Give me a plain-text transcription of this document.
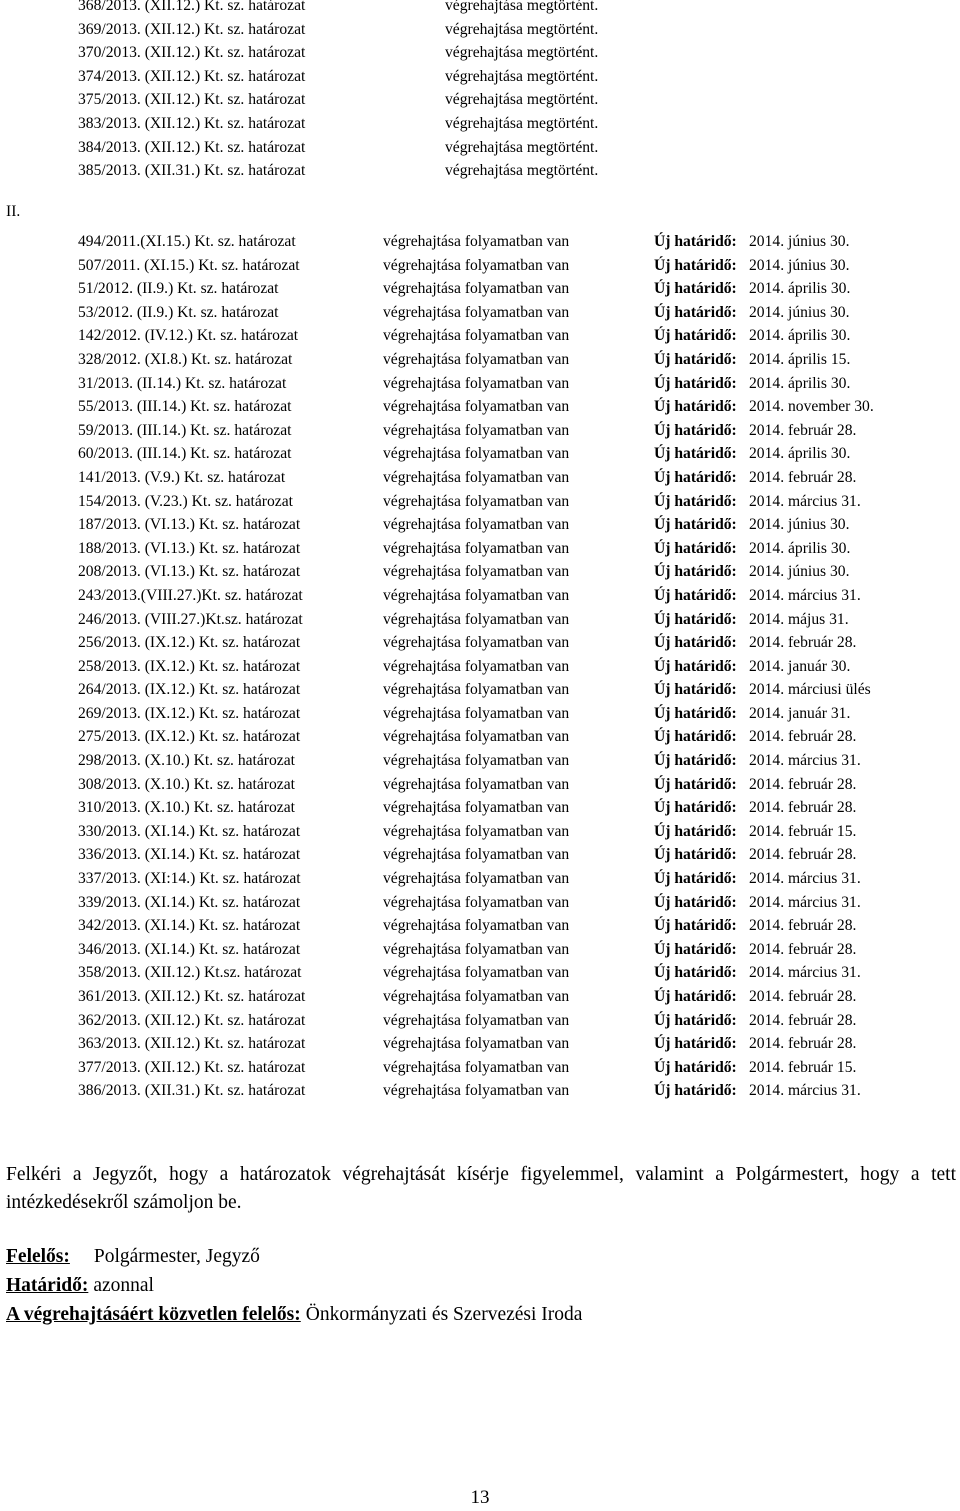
368/2013. (XII.12.) Kt. sz. határozat	végrehajtása megtörtént.
369/2013. (XII.12.) Kt. sz. határozat	végrehajtása megtörtént.
370/2013. (XII.12.) Kt. sz. határozat	végrehajtása megtörtént.
374/2013. (XII.12.) Kt. sz. határozat	végrehajtása megtörtént.
375/2013. (XII.12.) Kt. sz. határozat	végrehajtása megtörtént.
383/2013. (XII.12.) Kt. sz. határozat	végrehajtása megtörtént.
384/2013. (XII.12.) Kt. sz. határozat	végrehajtása megtörtént.
385/2013. (XII.31.) Kt. sz. határozat	végrehajtása megtörtént.
II.
494/2011.(XI.15.) Kt. sz. határozat	végrehajtása folyamatban van	Új határidő: 2014. június 30.
507/2011. (XI.15.) Kt. sz. határozat	végrehajtása folyamatban van	Új határidő: 2014. június 30.
51/2012. (II.9.) Kt. sz. határozat	végrehajtása folyamatban van	Új határidő: 2014. április 30.
53/2012. (II.9.) Kt. sz. határozat	végrehajtása folyamatban van	Új határidő: 2014. június 30.
142/2012. (IV.12.) Kt. sz. határozat	végrehajtása folyamatban van	Új határidő: 2014. április 30.
328/2012. (XI.8.) Kt. sz. határozat	végrehajtása folyamatban van	Új határidő: 2014. április 15.
31/2013. (II.14.) Kt. sz. határozat	végrehajtása folyamatban van	Új határidő: 2014. április 30.
55/2013. (III.14.) Kt. sz. határozat	végrehajtása folyamatban van	Új határidő: 2014. november 30.
59/2013. (III.14.) Kt. sz. határozat	végrehajtása folyamatban van	Új határidő: 2014. február 28.
60/2013. (III.14.) Kt. sz. határozat	végrehajtása folyamatban van	Új határidő: 2014. április 30.
141/2013. (V.9.) Kt. sz. határozat	végrehajtása folyamatban van	Új határidő: 2014. február 28.
154/2013. (V.23.) Kt. sz. határozat	végrehajtása folyamatban van	Új határidő: 2014. március 31.
187/2013. (VI.13.) Kt. sz. határozat	végrehajtása folyamatban van	Új határidő: 2014. június 30.
188/2013. (VI.13.) Kt. sz. határozat	végrehajtása folyamatban van	Új határidő: 2014. április 30.
208/2013. (VI.13.) Kt. sz. határozat	végrehajtása folyamatban van	Új határidő: 2014. június 30.
243/2013.(VIII.27.)Kt. sz. határozat	végrehajtása folyamatban van	Új határidő: 2014. március 31.
246/2013. (VIII.27.)Kt.sz. határozat	végrehajtása folyamatban van	Új határidő: 2014. május 31.
256/2013. (IX.12.) Kt. sz. határozat	végrehajtása folyamatban van	Új határidő: 2014. február 28.
258/2013. (IX.12.) Kt. sz. határozat	végrehajtása folyamatban van	Új határidő: 2014. január 30.
264/2013. (IX.12.) Kt. sz. határozat	végrehajtása folyamatban van	Új határidő: 2014. márciusi ülés
269/2013. (IX.12.) Kt. sz. határozat	végrehajtása folyamatban van	Új határidő: 2014. január 31.
275/2013. (IX.12.) Kt. sz. határozat	végrehajtása folyamatban van	Új határidő: 2014. február 28.
298/2013. (X.10.) Kt. sz. határozat	végrehajtása folyamatban van	Új határidő: 2014. március 31.
308/2013. (X.10.) Kt. sz. határozat	végrehajtása folyamatban van	Új határidő: 2014. február 28.
310/2013. (X.10.) Kt. sz. határozat	végrehajtása folyamatban van	Új határidő: 2014. február 28.
330/2013. (XI.14.) Kt. sz. határozat	végrehajtása folyamatban van	Új határidő: 2014. február 15.
336/2013. (XI.14.) Kt. sz. határozat	végrehajtása folyamatban van	Új határidő: 2014. február 28.
337/2013. (XI:14.) Kt. sz. határozat	végrehajtása folyamatban van	Új határidő: 2014. március 31.
339/2013. (XI.14.) Kt. sz. határozat	végrehajtása folyamatban van	Új határidő: 2014. március 31.
342/2013. (XI.14.) Kt. sz. határozat	végrehajtása folyamatban van	Új határidő: 2014. február 28.
346/2013. (XI.14.) Kt. sz. határozat	végrehajtása folyamatban van	Új határidő: 2014. február 28.
358/2013. (XII.12.) Kt.sz. határozat	végrehajtása folyamatban van	Új határidő: 2014. március 31.
361/2013. (XII.12.) Kt. sz. határozat	végrehajtása folyamatban van	Új határidő: 2014. február 28.
362/2013. (XII.12.) Kt. sz. határozat	végrehajtása folyamatban van	Új határidő: 2014. február 28.
363/2013. (XII.12.) Kt. sz. határozat	végrehajtása folyamatban van	Új határidő: 2014. február 28.
377/2013. (XII.12.) Kt. sz. határozat	végrehajtása folyamatban van	Új határidő: 2014. február 15.
386/2013. (XII.31.) Kt. sz. határozat	végrehajtása folyamatban van	Új határidő: 2014. március 31.
Felkéri a Jegyzőt, hogy a határozatok végrehajtását kísérje figyelemmel, valamint a Polgármestert, hogy a tett intézkedésekről számoljon be.
Felelős: Polgármester, Jegyző
Határidő: azonnal
A végrehajtásáért közvetlen felelős: Önkormányzati és Szervezési Iroda
13
